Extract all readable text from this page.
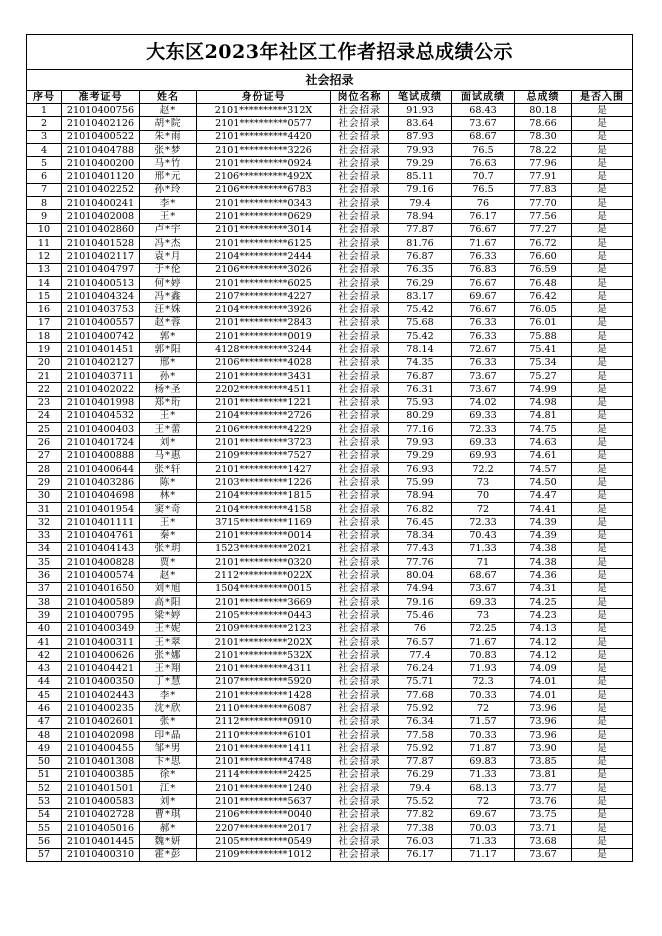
大东区2023年社区工作者招录总成绩公示								
社会招录								
序号	准考证号	姓名	身份证号	岗位名称	笔试成绩	面试成绩	总成绩	是否入围
1	21010400756	赵*	2101**********312X	社会招录	91.93	68.43	80.18	是
2	21010402126	胡*院	2101**********0577	社会招录	83.64	73.67	78.66	是
3	21010400522	朱*雨	2101**********4420	社会招录	87.93	68.67	78.30	是
4	21010404788	张*梦	2101**********3226	社会招录	79.93	76.5	78.22	是
5	21010400200	马*竹	2101**********0924	社会招录	79.29	76.63	77.96	是
6	21010401120	邢*元	2106**********492X	社会招录	85.11	70.7	77.91	是
7	21010402252	孙*玲	2106**********6783	社会招录	79.16	76.5	77.83	是
8	21010400241	李*	2101**********0343	社会招录	79.4	76	77.70	是
9	21010402008	王*	2101**********0629	社会招录	78.94	76.17	77.56	是
10	21010402860	卢*宇	2101**********3014	社会招录	77.87	76.67	77.27	是
11	21010401528	冯*杰	2101**********6125	社会招录	81.76	71.67	76.72	是
12	21010402117	袁*月	2104**********2444	社会招录	76.87	76.33	76.60	是
13	21010404797	于*伦	2106**********3026	社会招录	76.35	76.83	76.59	是
14	21010400513	何*婷	2101**********6025	社会招录	76.29	76.67	76.48	是
15	21010404324	冯*鑫	2107**********4227	社会招录	83.17	69.67	76.42	是
16	21010403753	汪*姝	2104**********3926	社会招录	75.42	76.67	76.05	是
17	21010400557	赵*蓉	2101**********2843	社会招录	75.68	76.33	76.01	是
18	21010400742	郭*	2101**********0019	社会招录	75.42	76.33	75.88	是
19	21010401451	郭*阳	4128**********3244	社会招录	78.14	72.67	75.41	是
20	21010402127	邢*	2106**********4028	社会招录	74.35	76.33	75.34	是
21	21010403711	孙*	2101**********3431	社会招录	76.87	73.67	75.27	是
22	21010402022	杨*圣	2202**********4511	社会招录	76.31	73.67	74.99	是
23	21010401998	郑*珩	2101**********1221	社会招录	75.93	74.02	74.98	是
24	21010404532	王*	2104**********2726	社会招录	80.29	69.33	74.81	是
25	21010400403	王*蕾	2106**********4229	社会招录	77.16	72.33	74.75	是
26	21010401724	刘*	2101**********3723	社会招录	79.93	69.33	74.63	是
27	21010400888	马*惠	2109**********7527	社会招录	79.29	69.93	74.61	是
28	21010400644	张*轩	2101**********1427	社会招录	76.93	72.2	74.57	是
29	21010403286	陈*	2103**********1226	社会招录	75.99	73	74.50	是
30	21010404698	林*	2104**********1815	社会招录	78.94	70	74.47	是
31	21010401954	窦*奇	2104**********4158	社会招录	76.82	72	74.41	是
32	21010401111	王*	3715**********1169	社会招录	76.45	72.33	74.39	是
33	21010404761	秦*	2101**********0014	社会招录	78.34	70.43	74.39	是
34	21010404143	张*玥	1523**********2021	社会招录	77.43	71.33	74.38	是
35	21010400828	贾*	2101**********0320	社会招录	77.76	71	74.38	是
36	21010400574	赵*	2112**********022X	社会招录	80.04	68.67	74.36	是
37	21010401650	刘*旭	1504**********0015	社会招录	74.94	73.67	74.31	是
38	21010400589	高*阳	2101**********3669	社会招录	79.16	69.33	74.25	是
39	21010400795	梁*婷	2105**********0443	社会招录	75.46	73	74.23	是
40	21010400349	王*妮	2109**********2123	社会招录	76	72.25	74.13	是
41	21010400311	王*翠	2101**********202X	社会招录	76.57	71.67	74.12	是
42	21010400626	张*娜	2101**********532X	社会招录	77.4	70.83	74.12	是
43	21010404421	王*翔	2101**********4311	社会招录	76.24	71.93	74.09	是
44	21010400350	丁*慧	2107**********5920	社会招录	75.71	72.3	74.01	是
45	21010402443	李*	2101**********1428	社会招录	77.68	70.33	74.01	是
46	21010400235	沈*欣	2110**********6087	社会招录	75.92	72	73.96	是
47	21010402601	张*	2112**********0910	社会招录	76.34	71.57	73.96	是
48	21010402098	印*晶	2110**********6101	社会招录	77.58	70.33	73.96	是
49	21010400455	邹*男	2101**********1411	社会招录	75.92	71.87	73.90	是
50	21010401308	卞*思	2101**********4748	社会招录	77.87	69.83	73.85	是
51	21010400385	徐*	2114**********2425	社会招录	76.29	71.33	73.81	是
52	21010401501	江*	2101**********1240	社会招录	79.4	68.13	73.77	是
53	21010400583	刘*	2101**********5637	社会招录	75.52	72	73.76	是
54	21010402728	曹*琪	2106**********0040	社会招录	77.82	69.67	73.75	是
55	21010405016	郝*	2207**********2017	社会招录	77.38	70.03	73.71	是
56	21010401445	魏*妍	2105**********0549	社会招录	76.03	71.33	73.68	是
57	21010400310	霍*彭	2109**********1012	社会招录	76.17	71.17	73.67	是
